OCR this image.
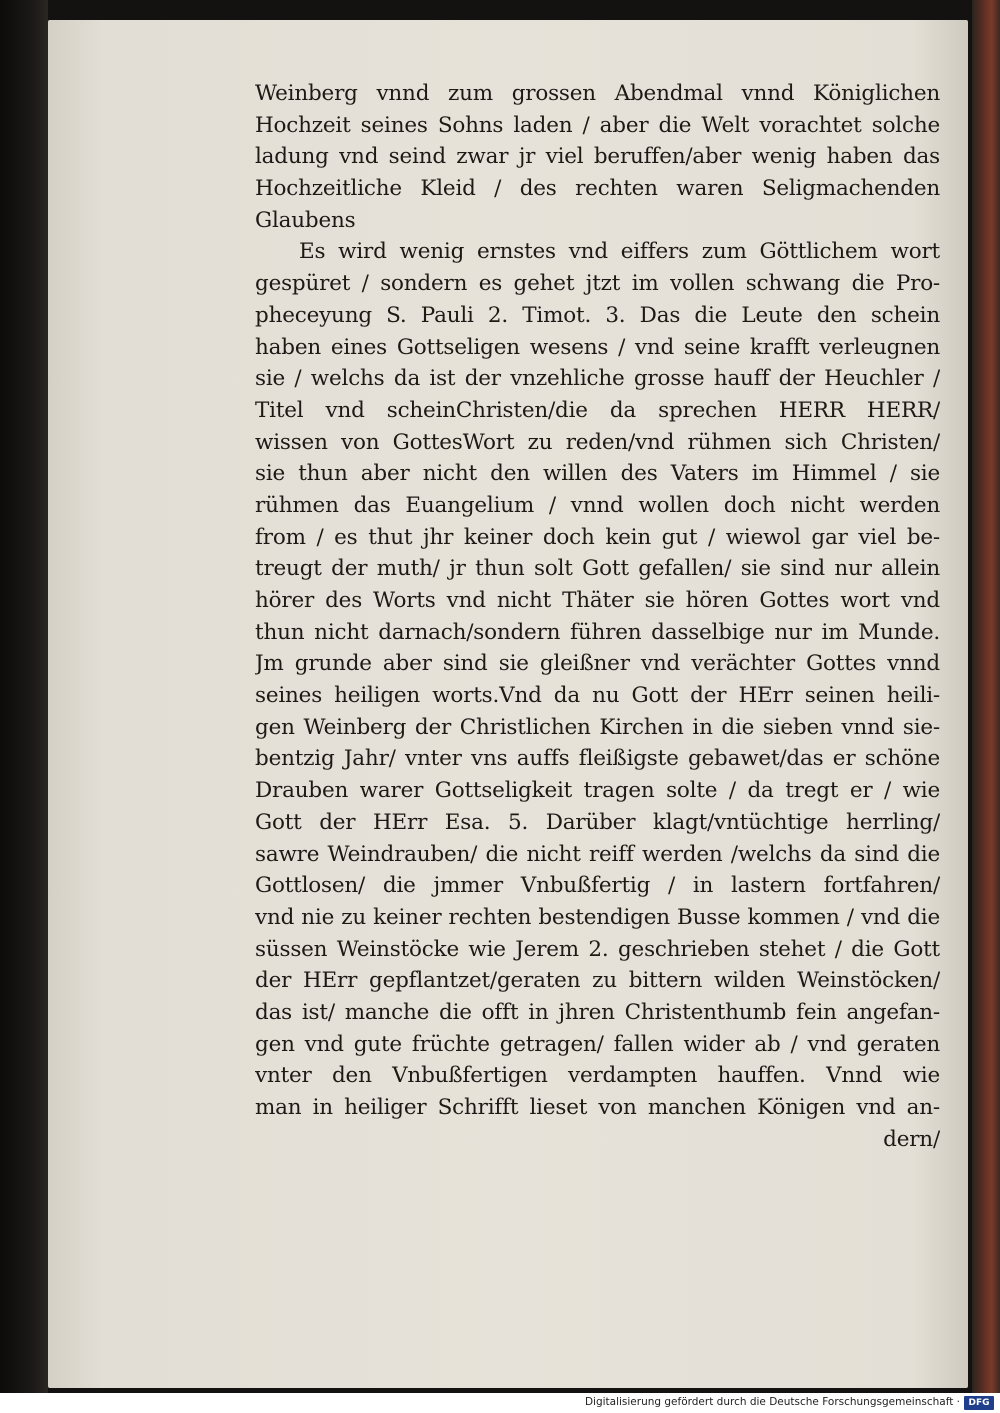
Weinberg vnnd zum grossen Abendmal vnnd Königlichen
Hochzeit seines Sohns laden / aber die Welt vorachtet solche
ladung vnd seind zwar jr viel beruffen/aber wenig haben das
Hochzeitliche Kleid / des rechten waren Seligmachenden
Glaubens
Es wird wenig ernstes vnd eiffers zum Göttlichem wort
gespüret / sondern es gehet jtzt im vollen schwang die Pro-
pheceyung S. Pauli 2. Timot. 3. Das die Leute den schein
haben eines Gottseligen wesens / vnd seine krafft verleugnen
sie / welchs da ist der vnzehliche grosse hauff der Heuchler /
Titel vnd scheinChristen/die da sprechen HERR HERR/
wissen von GottesWort zu reden/vnd rühmen sich Christen/
sie thun aber nicht den willen des Vaters im Himmel / sie
rühmen das Euangelium / vnnd wollen doch nicht werden
from / es thut jhr keiner doch kein gut / wiewol gar viel be-
treugt der muth/ jr thun solt Gott gefallen/ sie sind nur allein
hörer des Worts vnd nicht Thäter sie hören Gottes wort vnd
thun nicht darnach/sondern führen dasselbige nur im Munde.
Jm grunde aber sind sie gleißner vnd verächter Gottes vnnd
seines heiligen worts.Vnd da nu Gott der HErr seinen heili-
gen Weinberg der Christlichen Kirchen in die sieben vnnd sie-
bentzig Jahr/ vnter vns auffs fleißigste gebawet/das er schöne
Drauben warer Gottseligkeit tragen solte / da tregt er / wie
Gott der HErr Esa. 5. Darüber klagt/vntüchtige herrling/
sawre Weindrauben/ die nicht reiff werden /welchs da sind die
Gottlosen/ die jmmer Vnbußfertig / in lastern fortfahren/
vnd nie zu keiner rechten bestendigen Busse kommen / vnd die
süssen Weinstöcke wie Jerem 2. geschrieben stehet / die Gott
der HErr gepflantzet/geraten zu bittern wilden Weinstöcken/
das ist/ manche die offt in jhren Christenthumb fein angefan-
gen vnd gute früchte getragen/ fallen wider ab / vnd geraten
vnter den Vnbußfertigen verdampten hauffen. Vnnd wie
man in heiliger Schrifft lieset von manchen Königen vnd an-
dern/
Digitalisierung gefördert durch die Deutsche Forschungsgemeinschaft · DFG
